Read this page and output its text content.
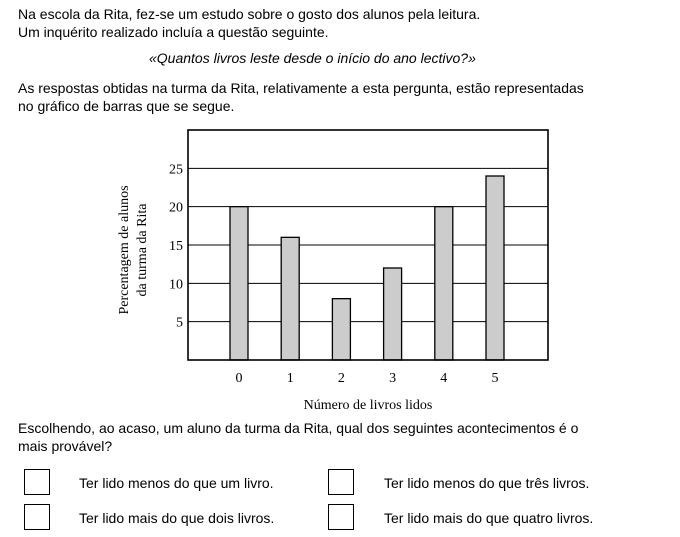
Na escola da Rita, fez-se um estudo sobre o gosto dos alunos pela leitura.
Um inquérito realizado incluía a questão seguinte.
«Quantos livros leste desde o início do ano lectivo?»
As respostas obtidas na turma da Rita, relativamente a esta pergunta, estão representadas
no gráfico de barras que se segue.
5
10
15
20
25
0	1	2	3	4	5
Percentagem de alunos da turma da Rita
Número de livros lidos
Escolhendo, ao acaso, um aluno da turma da Rita, qual dos seguintes acontecimentos é o
mais provável?
Ter lido menos do que um livro.	Ter lido menos do que três livros.
Ter lido mais do que dois livros.	Ter lido mais do que quatro livros.
